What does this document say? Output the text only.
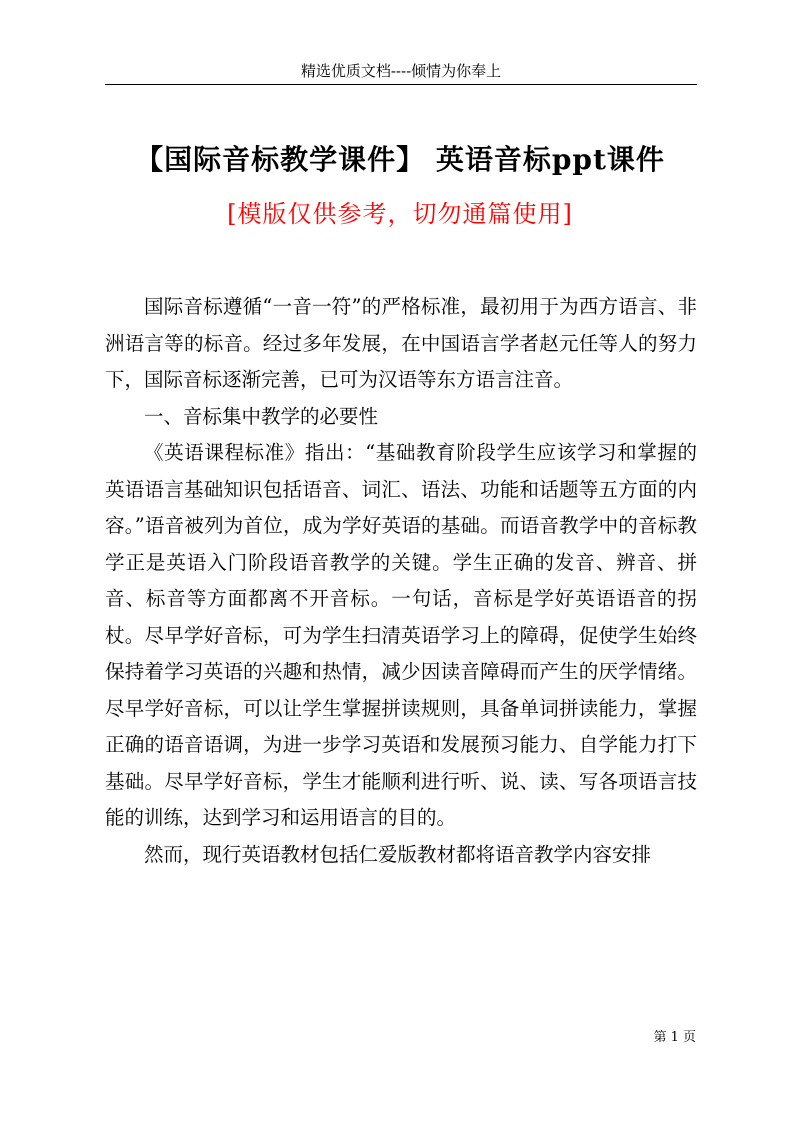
精选优质文档----倾情为你奉上
【国际音标教学课件】 英语音标ppt课件
[模版仅供参考，切勿通篇使用]

国际音标遵循“一音一符”的严格标准，最初用于为西方语言、非洲语言等的标音。经过多年发展，在中国语言学者赵元任等人的努力下，国际音标逐渐完善，已可为汉语等东方语言注音。

一、音标集中教学的必要性

《英语课程标准》指出：“基础教育阶段学生应该学习和掌握的英语语言基础知识包括语音、词汇、语法、功能和话题等五方面的内容。”语音被列为首位，成为学好英语的基础。而语音教学中的音标教学正是英语入门阶段语音教学的关键。学生正确的发音、辨音、拼音、标音等方面都离不开音标。一句话，音标是学好英语语音的拐杖。尽早学好音标，可为学生扫清英语学习上的障碍，促使学生始终保持着学习英语的兴趣和热情，减少因读音障碍而产生的厌学情绪。尽早学好音标，可以让学生掌握拼读规则，具备单词拼读能力，掌握正确的语音语调，为进一步学习英语和发展预习能力、自学能力打下基础。尽早学好音标，学生才能顺利进行听、说、读、写各项语言技能的训练，达到学习和运用语言的目的。

然而，现行英语教材包括仁爱版教材都将语音教学内容安排

第 1 页
